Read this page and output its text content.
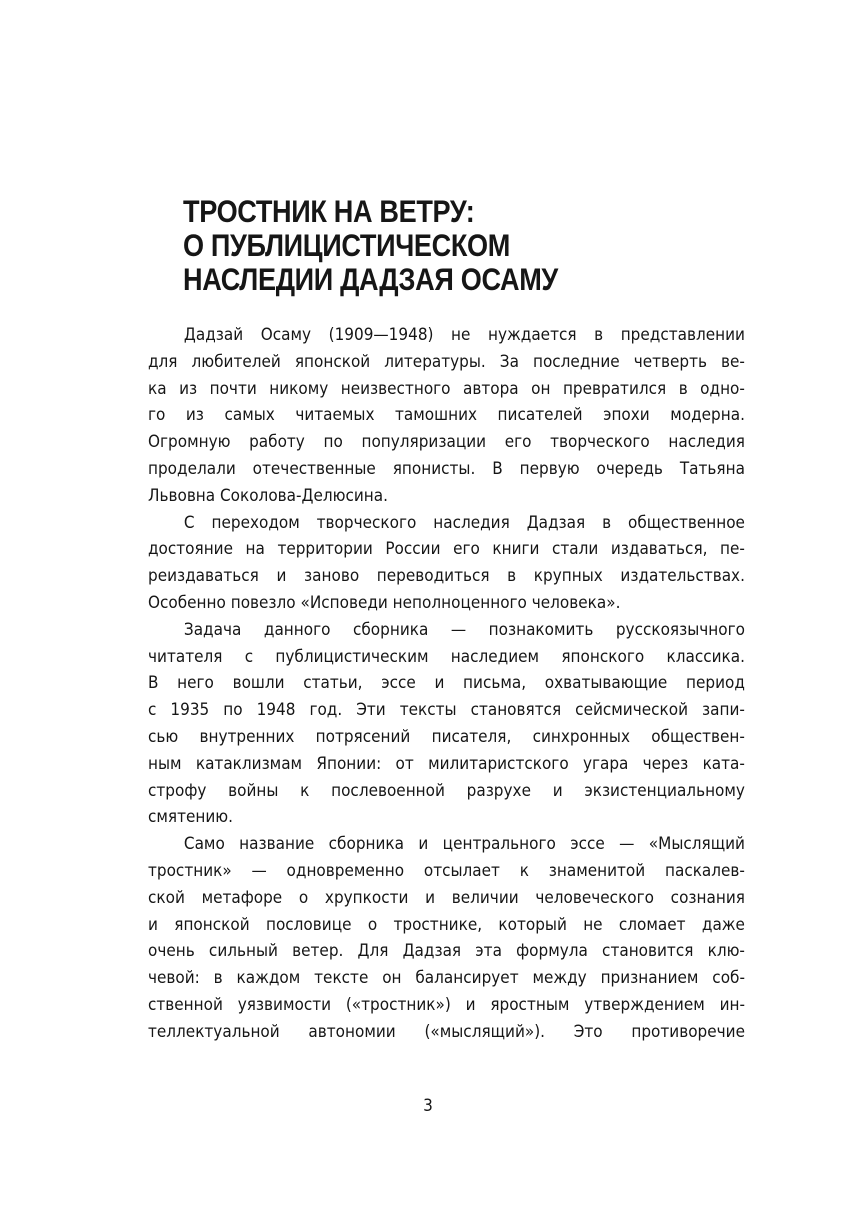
ТРОСТНИК НА ВЕТРУ:
О ПУБЛИЦИСТИЧЕСКОМ
НАСЛЕДИИ ДАДЗАЯ ОСАМУ
Дадзай Осаму (1909—1948) не нуждается в представлении
для любителей японской литературы. За последние четверть ве-
ка из почти никому неизвестного автора он превратился в одно-
го из самых читаемых тамошних писателей эпохи модерна.
Огромную работу по популяризации его творческого наследия
проделали отечественные японисты. В первую очередь Татьяна
Львовна Соколова-Делюсина.
С переходом творческого наследия Дадзая в общественное
достояние на территории России его книги стали издаваться, пе-
реиздаваться и заново переводиться в крупных издательствах.
Особенно повезло «Исповеди неполноценного человека».
Задача данного сборника — познакомить русскоязычного
читателя с публицистическим наследием японского классика.
В него вошли статьи, эссе и письма, охватывающие период
с 1935 по 1948 год. Эти тексты становятся сейсмической запи-
сью внутренних потрясений писателя, синхронных обществен-
ным катаклизмам Японии: от милитаристского угара через ката-
строфу войны к послевоенной разрухе и экзистенциальному
смятению.
Само название сборника и центрального эссе — «Мыслящий
тростник» — одновременно отсылает к знаменитой паскалев-
ской метафоре о хрупкости и величии человеческого сознания
и японской пословице о тростнике, который не сломает даже
очень сильный ветер. Для Дадзая эта формула становится клю-
чевой: в каждом тексте он балансирует между признанием соб-
ственной уязвимости («тростник») и яростным утверждением ин-
теллектуальной автономии («мыслящий»). Это противоречие
3
